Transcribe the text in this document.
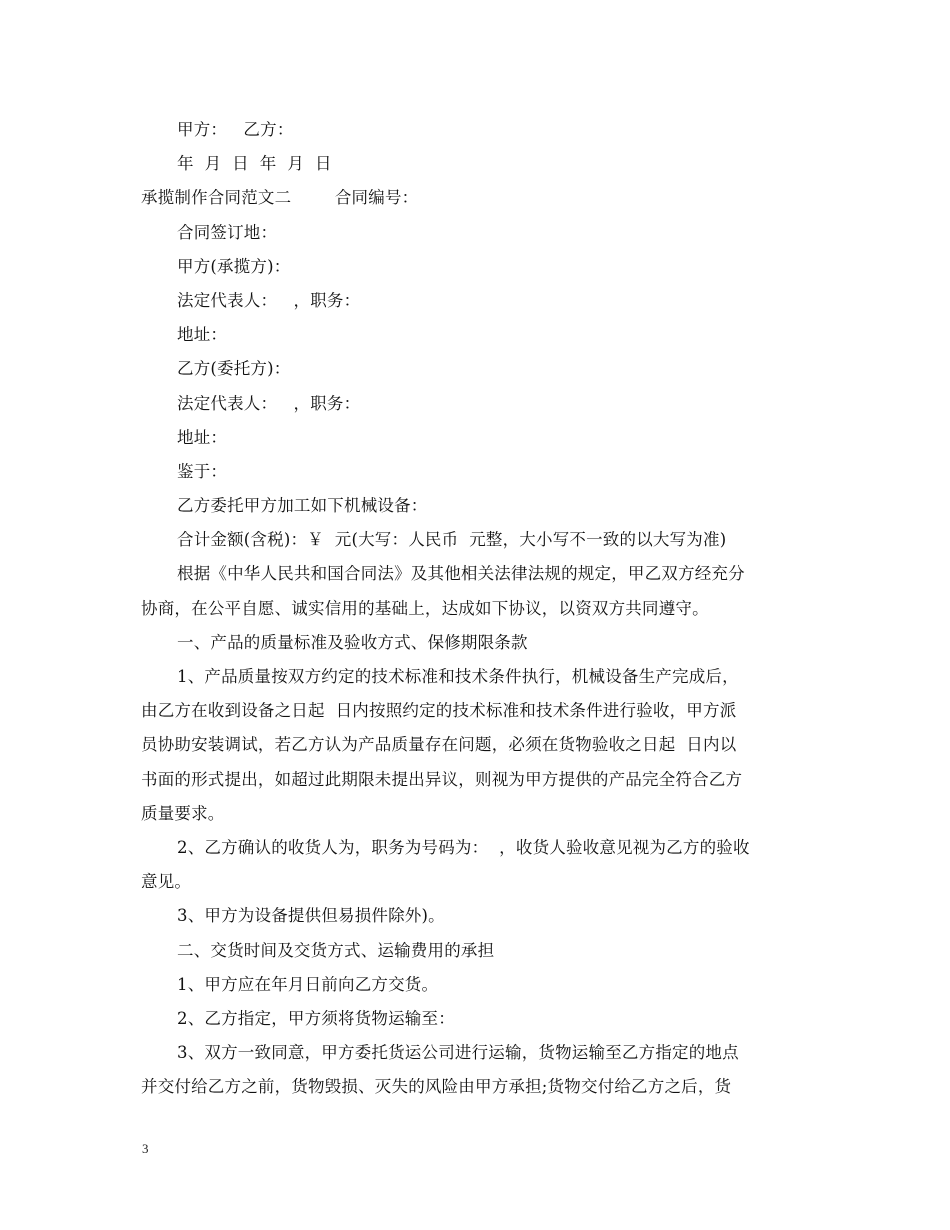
甲方：   乙方：
年  月  日  年  月  日
承揽制作合同范文二        合同编号：
合同签订地：
甲方(承揽方)：
法定代表人：   ，职务：
地址：
乙方(委托方)：
法定代表人：   ，职务：
地址：
鉴于：
乙方委托甲方加工如下机械设备：
合计金额(含税)：￥  元(大写：人民币  元整，大小写不一致的以大写为准)
根据《中华人民共和国合同法》及其他相关法律法规的规定，甲乙双方经充分
协商，在公平自愿、诚实信用的基础上，达成如下协议，以资双方共同遵守。
一、产品的质量标准及验收方式、保修期限条款
1、产品质量按双方约定的技术标准和技术条件执行，机械设备生产完成后，
由乙方在收到设备之日起  日内按照约定的技术标准和技术条件进行验收，甲方派
员协助安装调试，若乙方认为产品质量存在问题，必须在货物验收之日起  日内以
书面的形式提出，如超过此期限未提出异议，则视为甲方提供的产品完全符合乙方
质量要求。
2、乙方确认的收货人为，职务为号码为：  ，收货人验收意见视为乙方的验收
意见。
3、甲方为设备提供但易损件除外)。
二、交货时间及交货方式、运输费用的承担
1、甲方应在年月日前向乙方交货。
2、乙方指定，甲方须将货物运输至：
3、双方一致同意，甲方委托货运公司进行运输，货物运输至乙方指定的地点
并交付给乙方之前，货物毁损、灭失的风险由甲方承担;货物交付给乙方之后，货
3
